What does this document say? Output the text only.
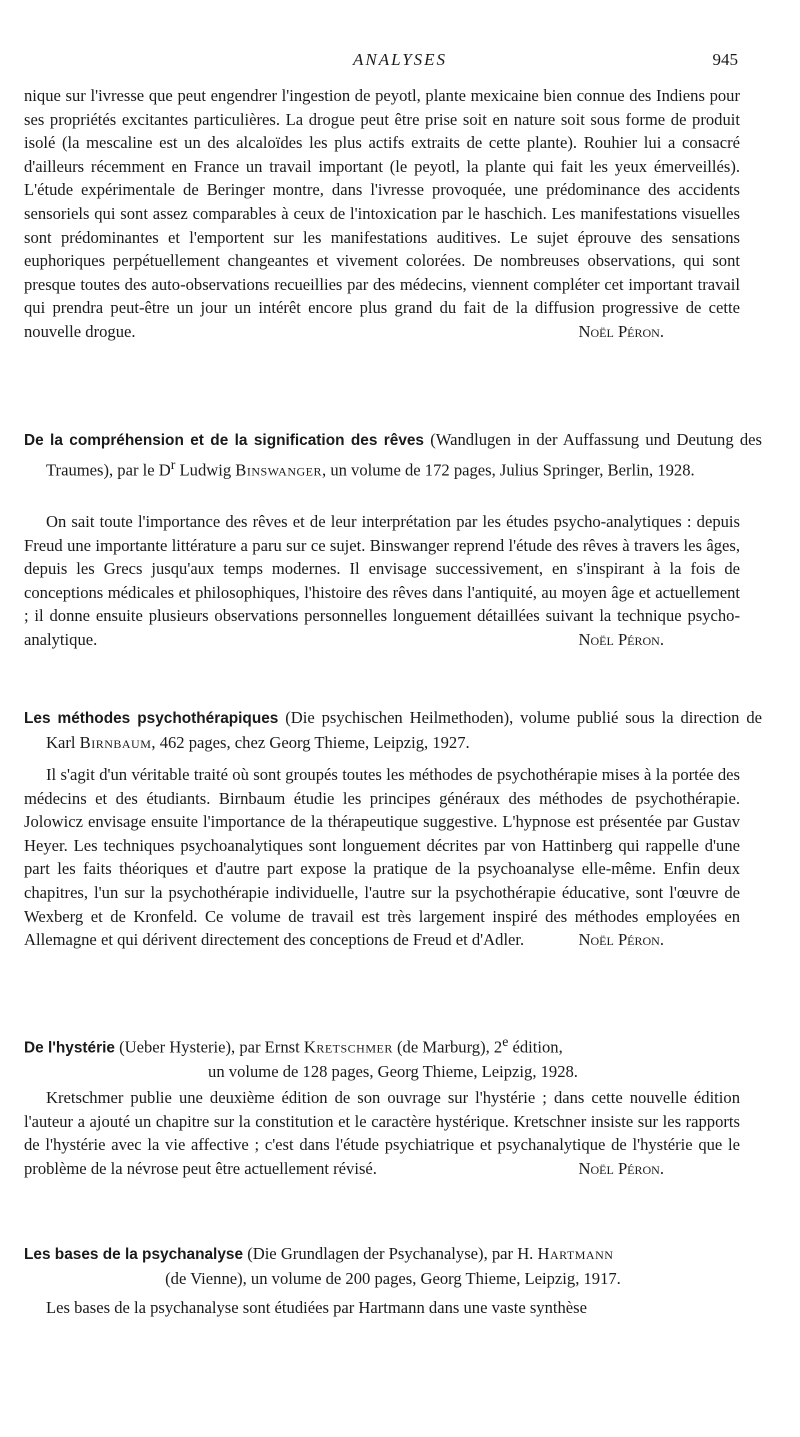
ANALYSES	945
nique sur l'ivresse que peut engendrer l'ingestion de peyotl, plante mexicaine bien connue des Indiens pour ses propriétés excitantes particulières. La drogue peut être prise soit en nature soit sous forme de produit isolé (la mescaline est un des alcaloïdes les plus actifs extraits de cette plante). Rouhier lui a consacré d'ailleurs récemment en France un travail important (le peyotl, la plante qui fait les yeux émerveillés). L'étude expérimentale de Beringer montre, dans l'ivresse provoquée, une prédominance des accidents sensoriels qui sont assez comparables à ceux de l'intoxication par le haschich. Les manifestations visuelles sont prédominantes et l'emportent sur les manifestations auditives. Le sujet éprouve des sensations euphoriques perpétuellement changeantes et vivement colorées. De nombreuses observations, qui sont presque toutes des auto-observations recueillies par des médecins, viennent compléter cet important travail qui prendra peut-être un jour un intérêt encore plus grand du fait de la diffusion progressive de cette nouvelle drogue.	Noël Péron.
De la compréhension et de la signification des rêves (Wandlugen in der Auffassung und Deutung des Traumes), par le $D^r$ Ludwig Binswanger, un volume de 172 pages, Julius Springer, Berlin, 1928.
On sait toute l'importance des rêves et de leur interprétation par les études psycho-analytiques : depuis Freud une importante littérature a paru sur ce sujet. Binswanger reprend l'étude des rêves à travers les âges, depuis les Grecs jusqu'aux temps modernes. Il envisage successivement, en s'inspirant à la fois de conceptions médicales et philosophiques, l'histoire des rêves dans l'antiquité, au moyen âge et actuellement ; il donne ensuite plusieurs observations personnelles longuement détaillées suivant la technique psycho-analytique.	Noël Péron.
Les méthodes psychothérapiques (Die psychischen Heilmethoden), volume publié sous la direction de Karl Birnbaum, 462 pages, chez Georg Thieme, Leipzig, 1927.
Il s'agit d'un véritable traité où sont groupés toutes les méthodes de psychothérapie mises à la portée des médecins et des étudiants. Birnbaum étudie les principes généraux des méthodes de psychothérapie. Jolowicz envisage ensuite l'importance de la thérapeutique suggestive. L'hypnose est présentée par Gustav Heyer. Les techniques psychoanalytiques sont longuement décrites par von Hattinberg qui rappelle d'une part les faits théoriques et d'autre part expose la pratique de la psychoanalyse elle-même. Enfin deux chapitres, l'un sur la psychothérapie individuelle, l'autre sur la psychothérapie éducative, sont l'œuvre de Wexberg et de Kronfeld. Ce volume de travail est très largement inspiré des méthodes employées en Allemagne et qui dérivent directement des conceptions de Freud et d'Adler.	Noël Péron.
De l'hystérie (Ueber Hysterie), par Ernst Kretschmer (de Marburg), 2e édition,
un volume de 128 pages, Georg Thieme, Leipzig, 1928.
Kretschmer publie une deuxième édition de son ouvrage sur l'hystérie ; dans cette nouvelle édition l'auteur a ajouté un chapitre sur la constitution et le caractère hystérique. Kretschner insiste sur les rapports de l'hystérie avec la vie affective ; c'est dans l'étude psychiatrique et psychanalytique de l'hystérie que le problème de la névrose peut être actuellement révisé.	Noël Péron.
Les bases de la psychanalyse (Die Grundlagen der Psychanalyse), par H. Hartmann
(de Vienne), un volume de 200 pages, Georg Thieme, Leipzig, 1917.
Les bases de la psychanalyse sont étudiées par Hartmann dans une vaste synthèse
